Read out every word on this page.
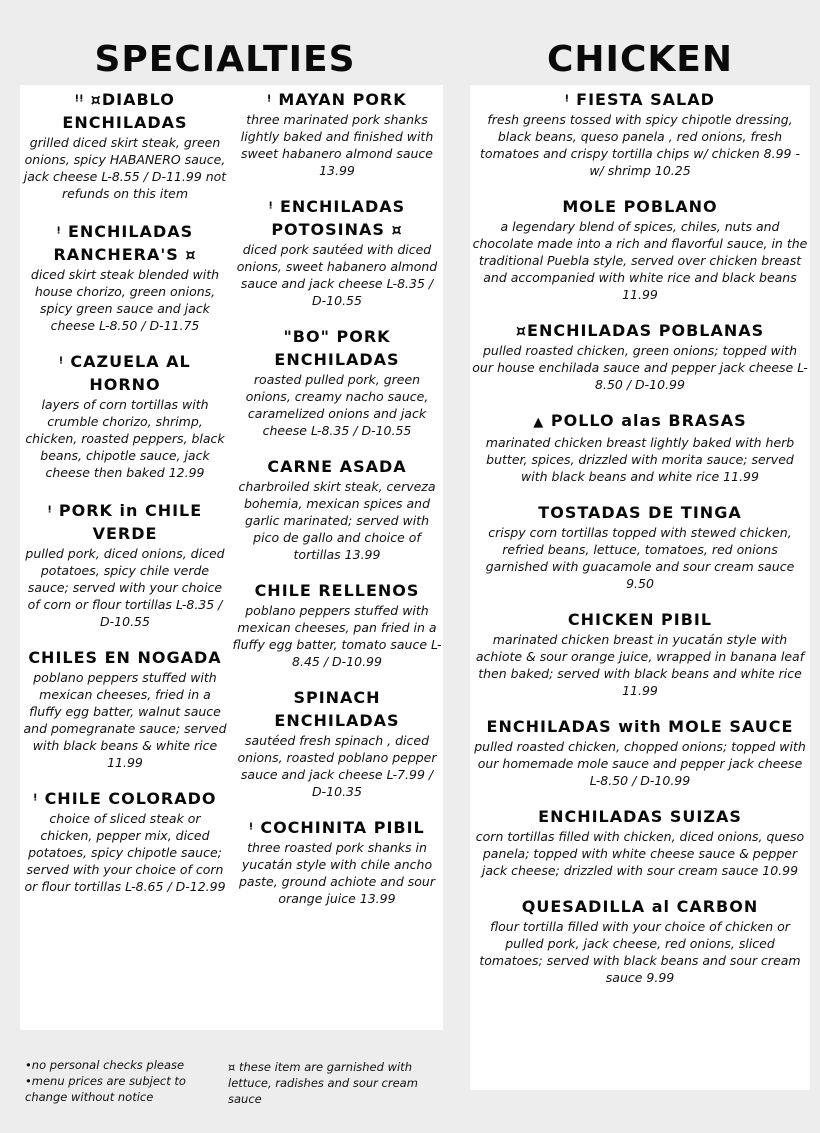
SPECIALTIES	CHICKEN
ᵎᵎ ¤DIABLO ENCHILADAS
grilled diced skirt steak, green onions, spicy HABANERO sauce, jack cheese L-8.55 / D-11.99 not refunds on this item
ᵎ ENCHILADAS RANCHERA'S ¤
diced skirt steak blended with house chorizo, green onions, spicy green sauce and jack cheese L-8.50 / D-11.75
ᵎ CAZUELA AL HORNO
layers of corn tortillas with crumble chorizo, shrimp, chicken, roasted peppers, black beans, chipotle sauce, jack cheese then baked 12.99
ᵎ PORK in CHILE VERDE
pulled pork, diced onions, diced potatoes, spicy chile verde sauce; served with your choice of corn or flour tortillas L-8.35 / D-10.55
CHILES EN NOGADA
poblano peppers stuffed with mexican cheeses, fried in a fluffy egg batter, walnut sauce and pomegranate sauce; served with black beans & white rice 11.99
ᵎ CHILE COLORADO
choice of sliced steak or chicken, pepper mix, diced potatoes, spicy chipotle sauce; served with your choice of corn or flour tortillas L-8.65 / D-12.99
ᵎ MAYAN PORK
three marinated pork shanks lightly baked and finished with sweet habanero almond sauce 13.99
ᵎ ENCHILADAS POTOSINAS ¤
diced pork sautéed with diced onions, sweet habanero almond sauce and jack cheese L-8.35 / D-10.55
"BO" PORK ENCHILADAS
roasted pulled pork, green onions, creamy nacho sauce, caramelized onions and jack cheese L-8.35 / D-10.55
CARNE ASADA
charbroiled skirt steak, cerveza bohemia, mexican spices and garlic marinated; served with pico de gallo and choice of tortillas 13.99
CHILE RELLENOS
poblano peppers stuffed with mexican cheeses, pan fried in a fluffy egg batter, tomato sauce L-8.45 / D-10.99
SPINACH ENCHILADAS
sautéed fresh spinach , diced onions, roasted poblano pepper sauce and jack cheese L-7.99 / D-10.35
ᵎ COCHINITA PIBIL
three roasted pork shanks in yucatán style with chile ancho paste, ground achiote and sour orange juice 13.99
ᵎ FIESTA SALAD
fresh greens tossed with spicy chipotle dressing, black beans, queso panela , red onions, fresh tomatoes and crispy tortilla chips w/ chicken 8.99 - w/ shrimp 10.25
MOLE POBLANO
a legendary blend of spices, chiles, nuts and chocolate made into a rich and flavorful sauce, in the traditional Puebla style, served over chicken breast and accompanied with white rice and black beans 11.99
¤ENCHILADAS POBLANAS
pulled roasted chicken, green onions; topped with our house enchilada sauce and pepper jack cheese L-8.50 / D-10.99
▲ POLLO alas BRASAS
marinated chicken breast lightly baked with herb butter, spices, drizzled with morita sauce; served with black beans and white rice 11.99
TOSTADAS DE TINGA
crispy corn tortillas topped with stewed chicken, refried beans, lettuce, tomatoes, red onions garnished with guacamole and sour cream sauce 9.50
CHICKEN PIBIL
marinated chicken breast in yucatán style with achiote & sour orange juice, wrapped in banana leaf then baked; served with black beans and white rice 11.99
ENCHILADAS with MOLE SAUCE
pulled roasted chicken, chopped onions; topped with our homemade mole sauce and pepper jack cheese L-8.50 / D-10.99
ENCHILADAS SUIZAS
corn tortillas filled with chicken, diced onions, queso panela; topped with white cheese sauce & pepper jack cheese; drizzled with sour cream sauce 10.99
QUESADILLA al CARBON
flour tortilla filled with your choice of chicken or pulled pork, jack cheese, red onions, sliced tomatoes; served with black beans and sour cream sauce 9.99
•no personal checks please
•menu prices are subject to change without notice
¤ these item are garnished with lettuce, radishes and sour cream sauce
